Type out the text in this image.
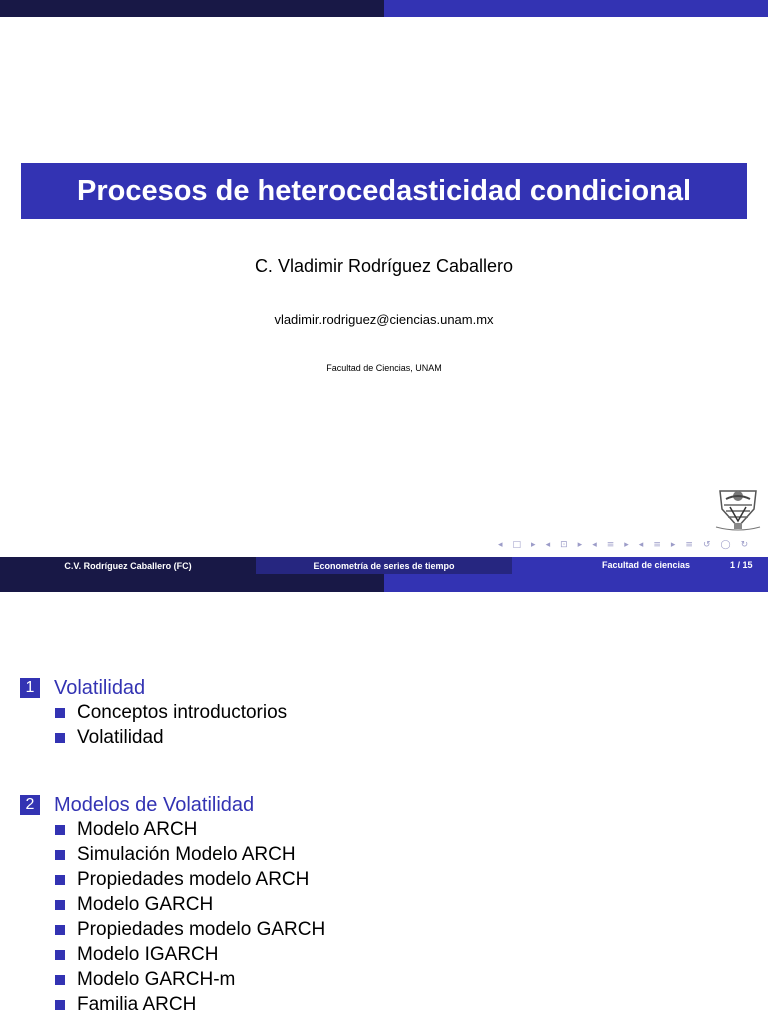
Procesos de heterocedasticidad condicional
C. Vladimir Rodríguez Caballero
vladimir.rodriguez@ciencias.unam.mx
Facultad de Ciencias, UNAM
◂ □ ▸ ◂ ⊡ ▸ ◂ ≡ ▸ ◂ ≡ ▸ ≡ ↺ ◯ ↻
C.V. Rodríguez Caballero (FC)	Econometría de series de tiempo	Facultad de ciencias	1 / 15
1 Volatilidad
Conceptos introductorios
Volatilidad
2 Modelos de Volatilidad
Modelo ARCH
Simulación Modelo ARCH
Propiedades modelo ARCH
Modelo GARCH
Propiedades modelo GARCH
Modelo IGARCH
Modelo GARCH-m
Familia ARCH
